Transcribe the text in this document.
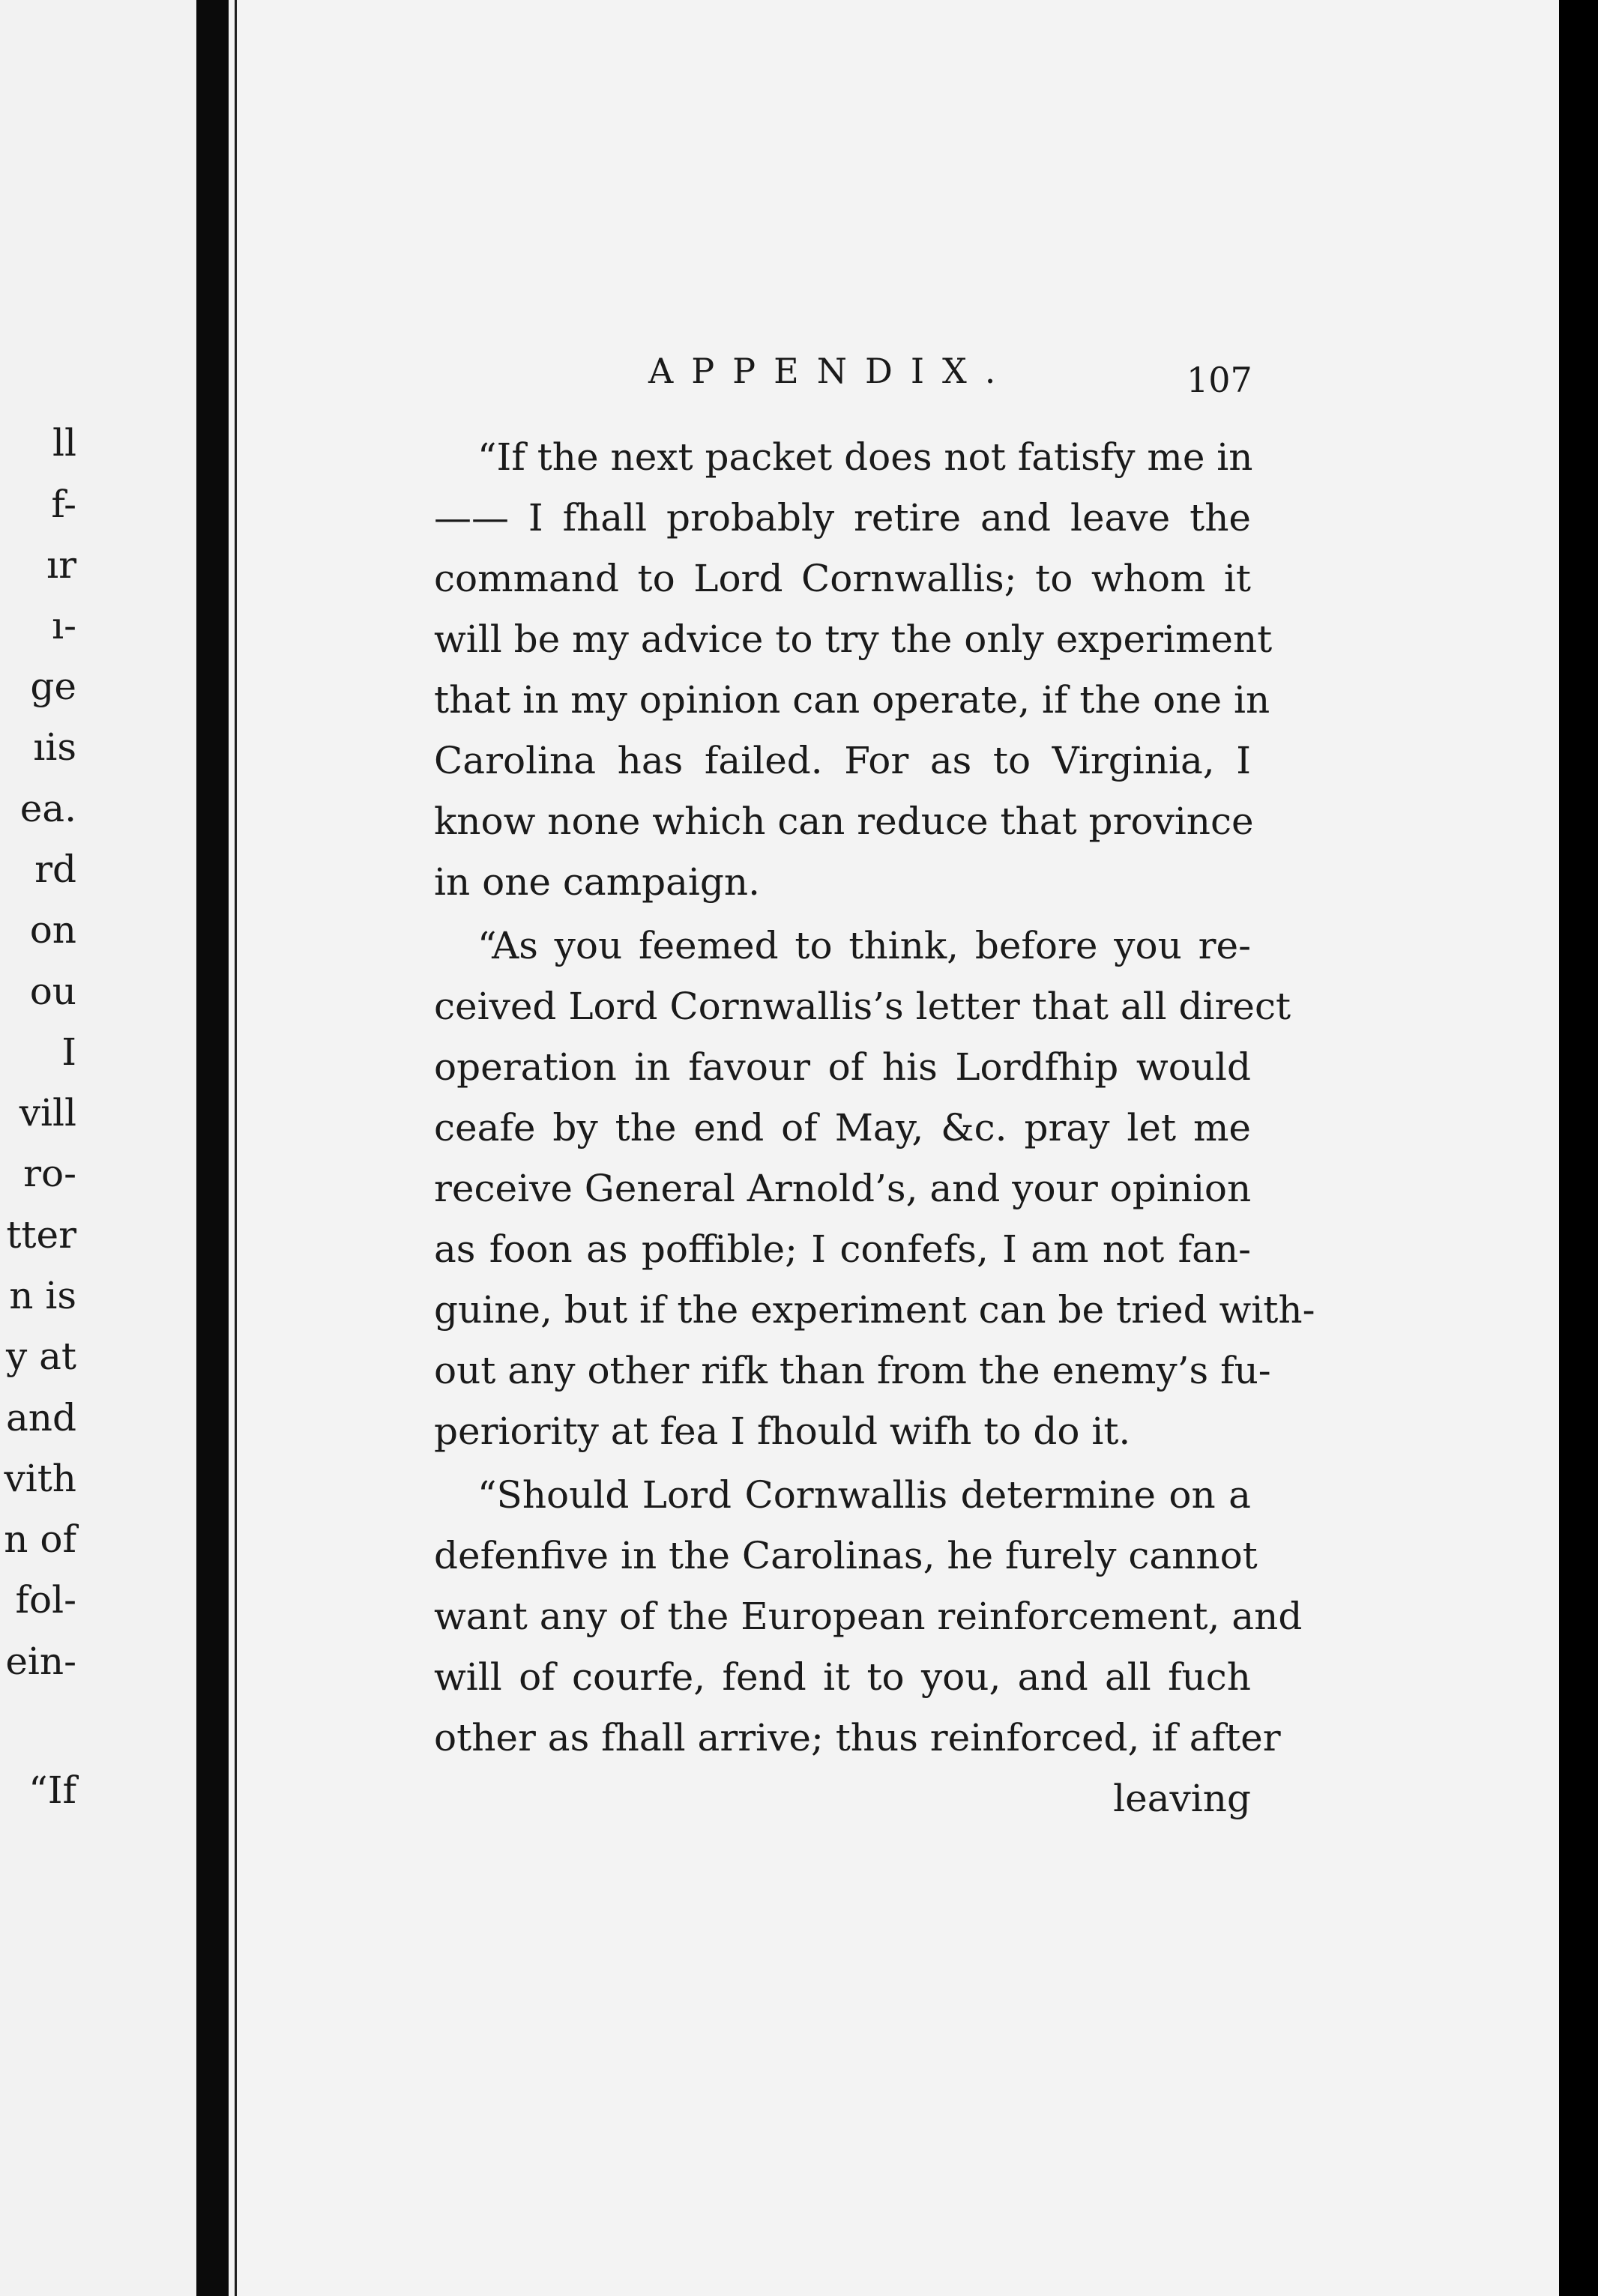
ll
f-
ır
ı-
ge
ıis
ea.
rd
on
ou
I
vill
ro-
tter
n is
y at
and
vith
n of
fol-
ein-
“If
APPENDIX.	107
“If the next packet does not fatisfy me in
—— I fhall probably retire and leave the
command to Lord Cornwallis; to whom it
will be my advice to try the only experiment
that in my opinion can operate, if the one in
Carolina has failed. For as to Virginia, I
know none which can reduce that province
in one campaign.
“As you feemed to think, before you re-
ceived Lord Cornwallis’s letter that all direct
operation in favour of his Lordfhip would
ceafe by the end of May, &c. pray let me
receive General Arnold’s, and your opinion
as foon as poffible; I confefs, I am not fan-
guine, but if the experiment can be tried with-
out any other rifk than from the enemy’s fu-
periority at fea I fhould wifh to do it.
“Should Lord Cornwallis determine on a
defenfive in the Carolinas, he furely cannot
want any of the European reinforcement, and
will of courfe, fend it to you, and all fuch
other as fhall arrive; thus reinforced, if after
leaving
